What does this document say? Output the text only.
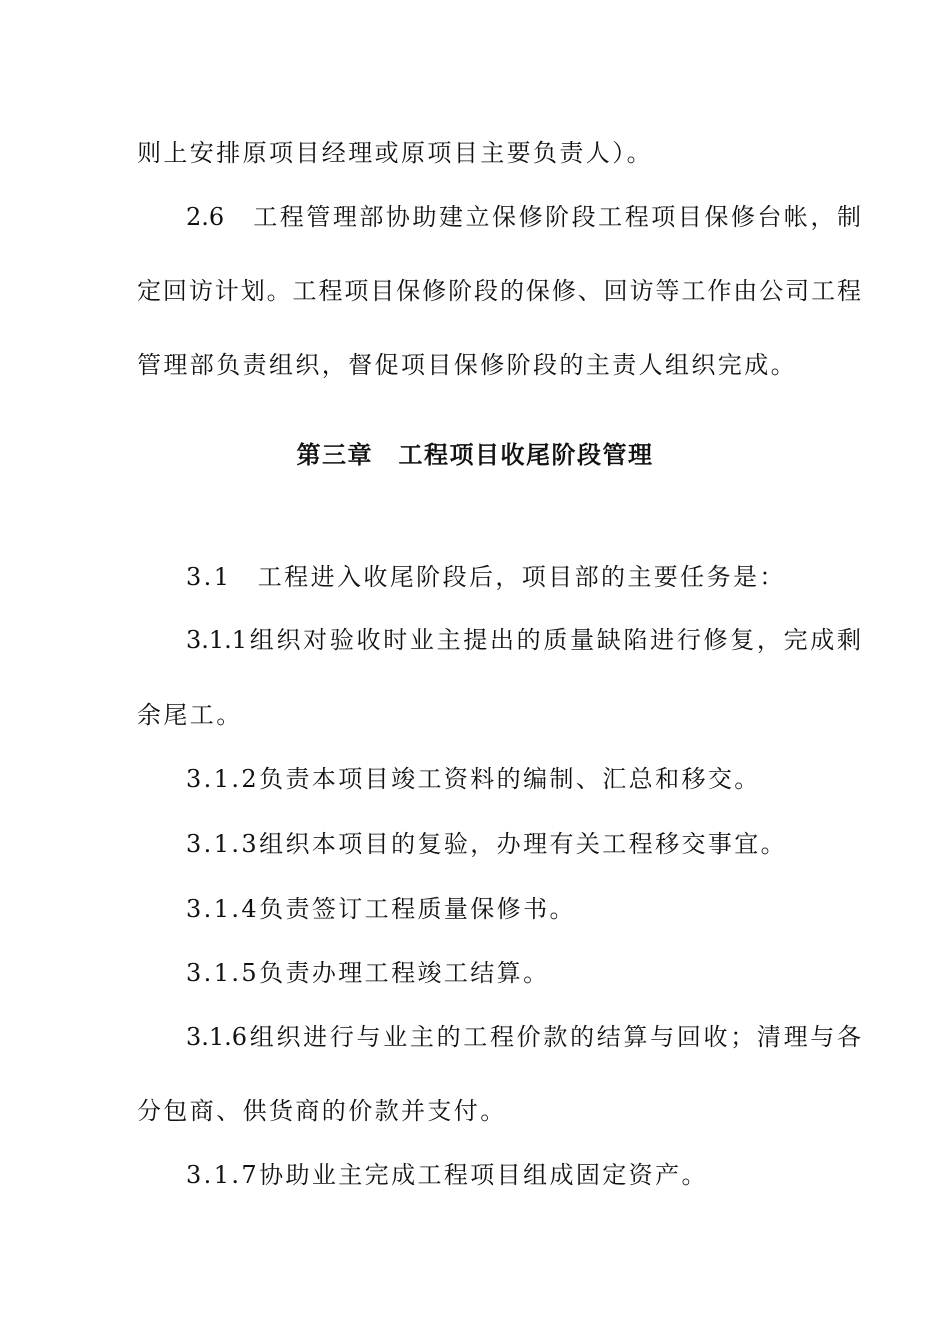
则上安排原项目经理或原项目主要负责人）。
2.6　工程管理部协助建立保修阶段工程项目保修台帐，制
定回访计划。工程项目保修阶段的保修、回访等工作由公司工程
管理部负责组织，督促项目保修阶段的主责人组织完成。
第三章　工程项目收尾阶段管理
3.1　工程进入收尾阶段后，项目部的主要任务是：
3.1.1组织对验收时业主提出的质量缺陷进行修复，完成剩
余尾工。
3.1.2负责本项目竣工资料的编制、汇总和移交。
3.1.3组织本项目的复验，办理有关工程移交事宜。
3.1.4负责签订工程质量保修书。
3.1.5负责办理工程竣工结算。
3.1.6组织进行与业主的工程价款的结算与回收；清理与各
分包商、供货商的价款并支付。
3.1.7协助业主完成工程项目组成固定资产。
